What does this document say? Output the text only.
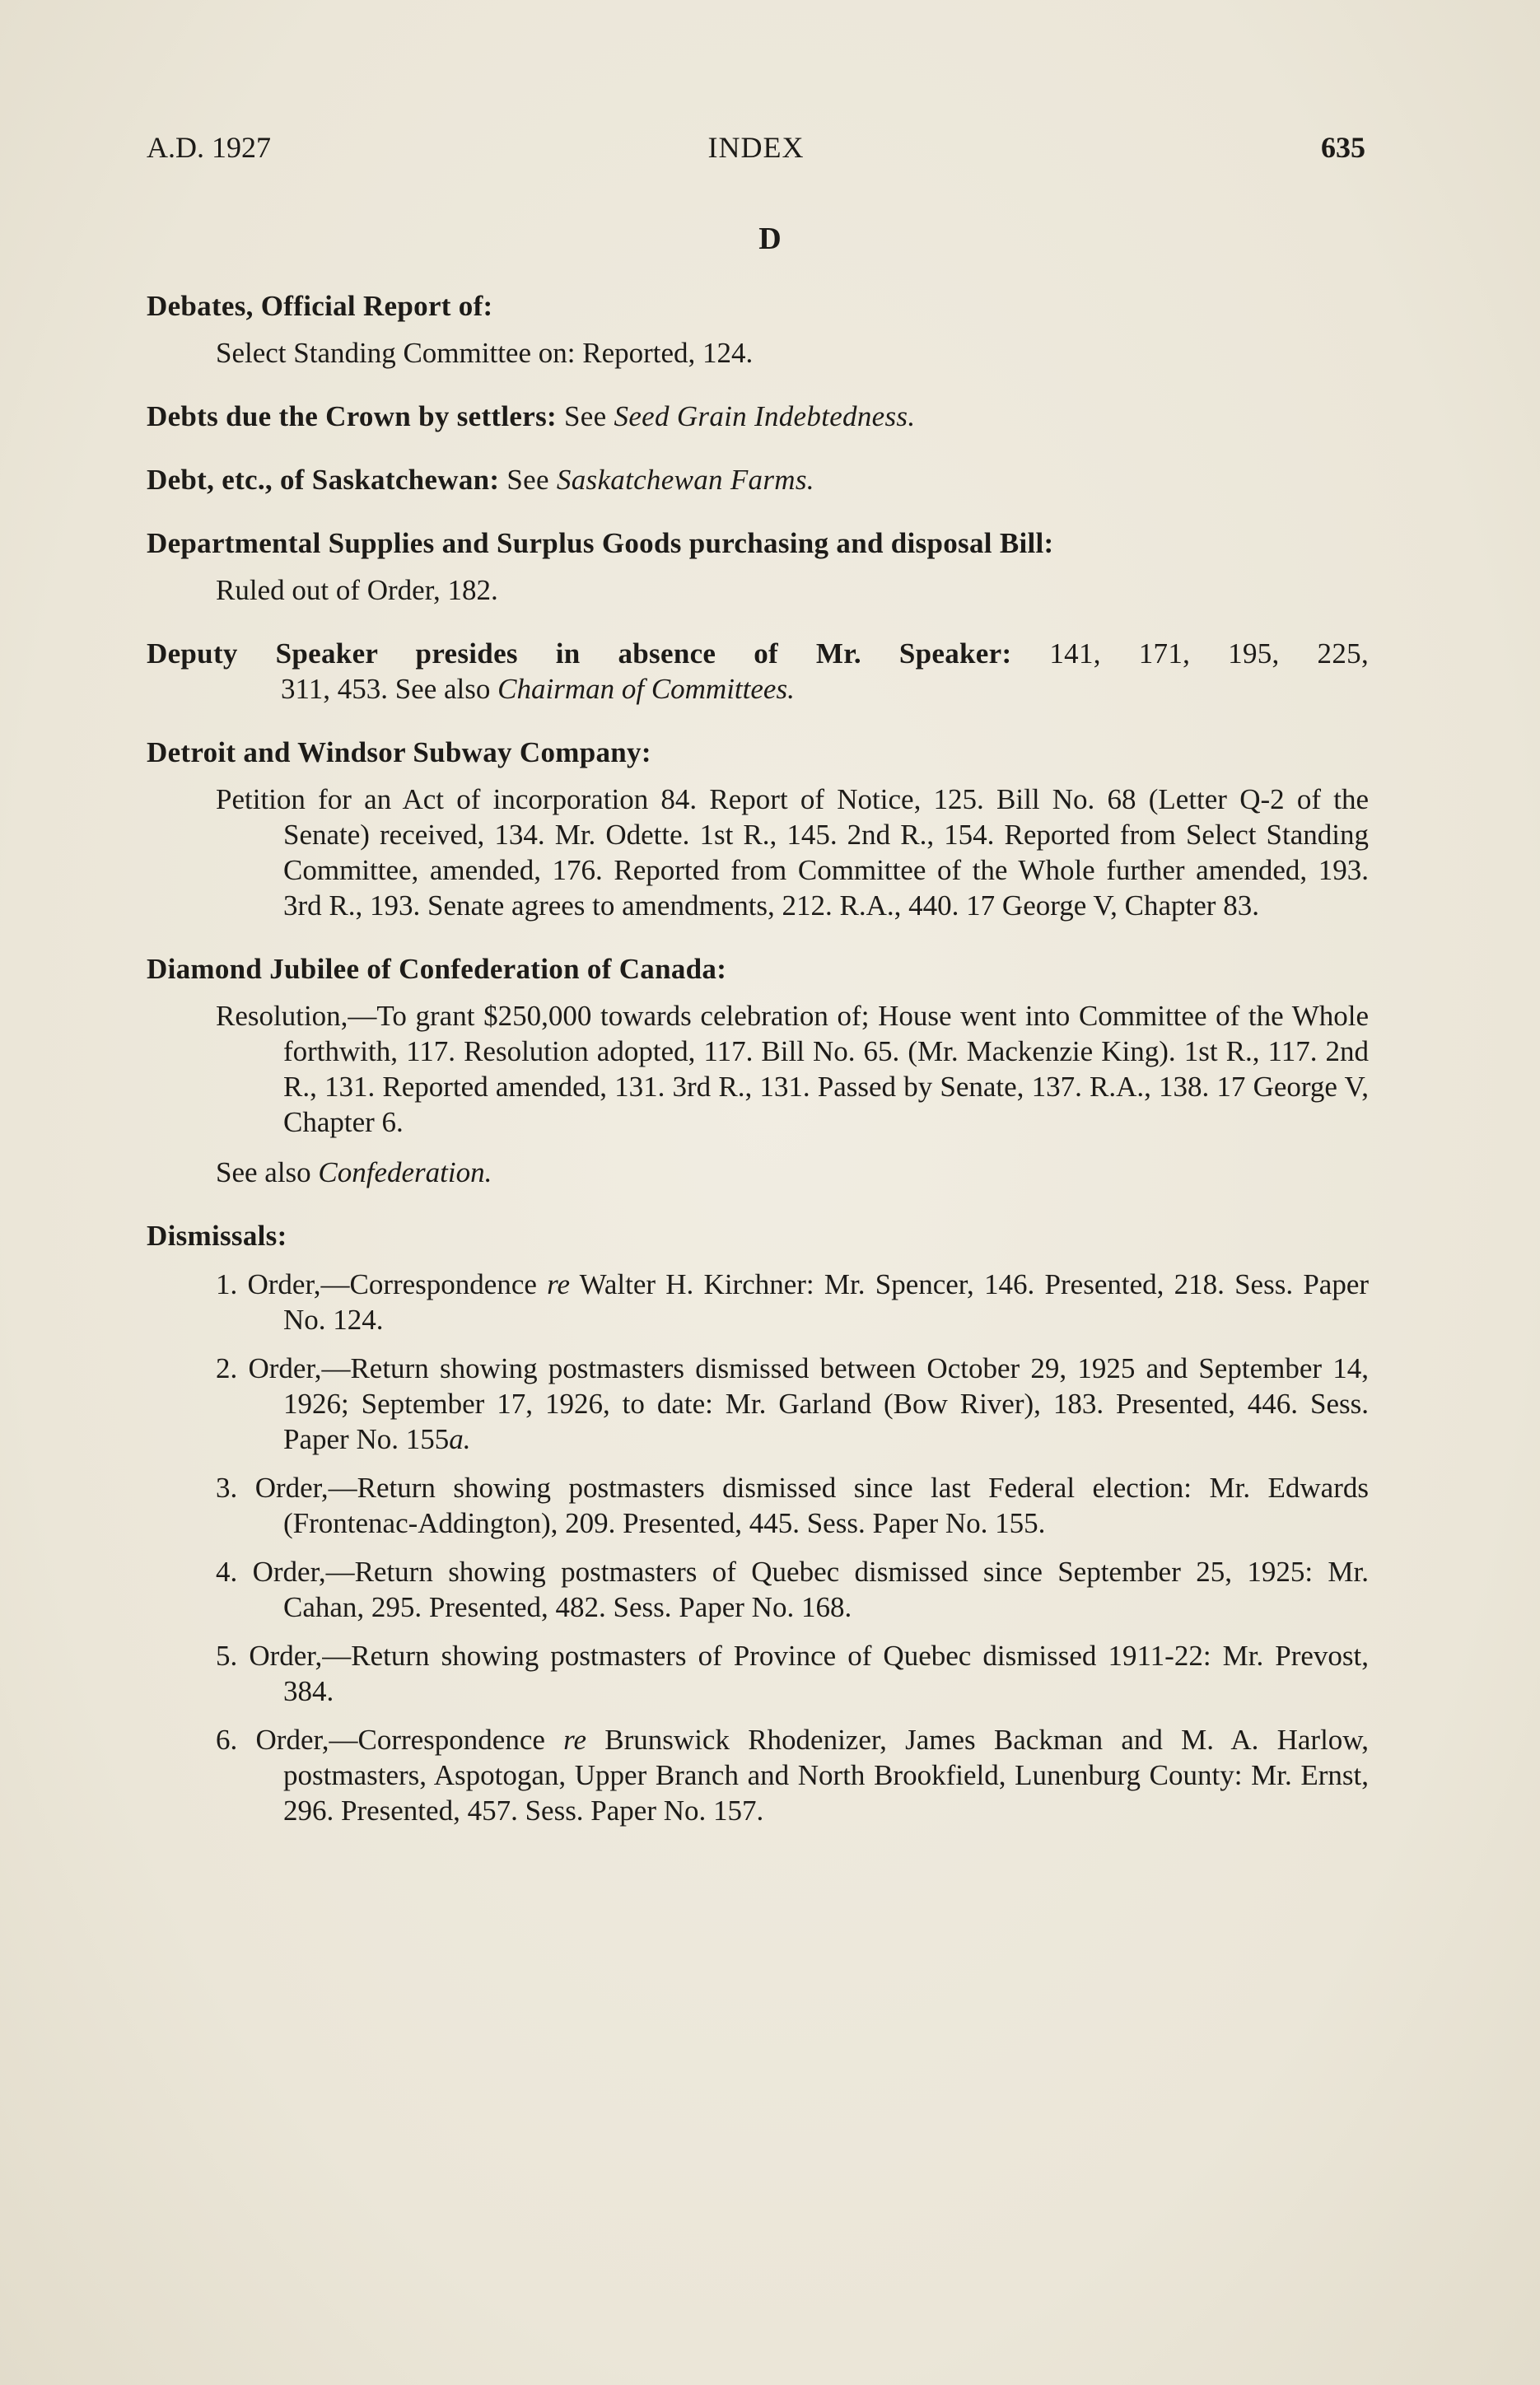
A.D. 1927	INDEX	635
D

Debates, Official Report of:

Select Standing Committee on: Reported, 124.

Debts due the Crown by settlers: See Seed Grain Indebtedness.

Debt, etc., of Saskatchewan: See Saskatchewan Farms.

Departmental Supplies and Surplus Goods purchasing and disposal Bill:

Ruled out of Order, 182.

Deputy Speaker presides in absence of Mr. Speaker: 141, 171, 195, 225,

311, 453. See also Chairman of Committees.

Detroit and Windsor Subway Company:

Petition for an Act of incorporation 84. Report of Notice, 125. Bill No. 68 (Letter Q-2 of the Senate) received, 134. Mr. Odette. 1st R., 145. 2nd R., 154. Reported from Select Standing Committee, amended, 176. Reported from Committee of the Whole further amended, 193. 3rd R., 193. Senate agrees to amendments, 212. R.A., 440. 17 George V, Chapter 83.

Diamond Jubilee of Confederation of Canada:

Resolution,—To grant $250,000 towards celebration of; House went into Committee of the Whole forthwith, 117. Resolution adopted, 117. Bill No. 65. (Mr. Mackenzie King). 1st R., 117. 2nd R., 131. Reported amended, 131. 3rd R., 131. Passed by Senate, 137. R.A., 138. 17 George V, Chapter 6.
See also Confederation.

Dismissals:

1. Order,—Correspondence re Walter H. Kirchner: Mr. Spencer, 146. Presented, 218. Sess. Paper No. 124.
2. Order,—Return showing postmasters dismissed between October 29, 1925 and September 14, 1926; September 17, 1926, to date: Mr. Garland (Bow River), 183. Presented, 446. Sess. Paper No. 155a.
3. Order,—Return showing postmasters dismissed since last Federal election: Mr. Edwards (Frontenac-Addington), 209. Presented, 445. Sess. Paper No. 155.
4. Order,—Return showing postmasters of Quebec dismissed since September 25, 1925: Mr. Cahan, 295. Presented, 482. Sess. Paper No. 168.
5. Order,—Return showing postmasters of Province of Quebec dismissed 1911-22: Mr. Prevost, 384.
6. Order,—Correspondence re Brunswick Rhodenizer, James Backman and M. A. Harlow, postmasters, Aspotogan, Upper Branch and North Brookfield, Lunenburg County: Mr. Ernst, 296. Presented, 457. Sess. Paper No. 157.
